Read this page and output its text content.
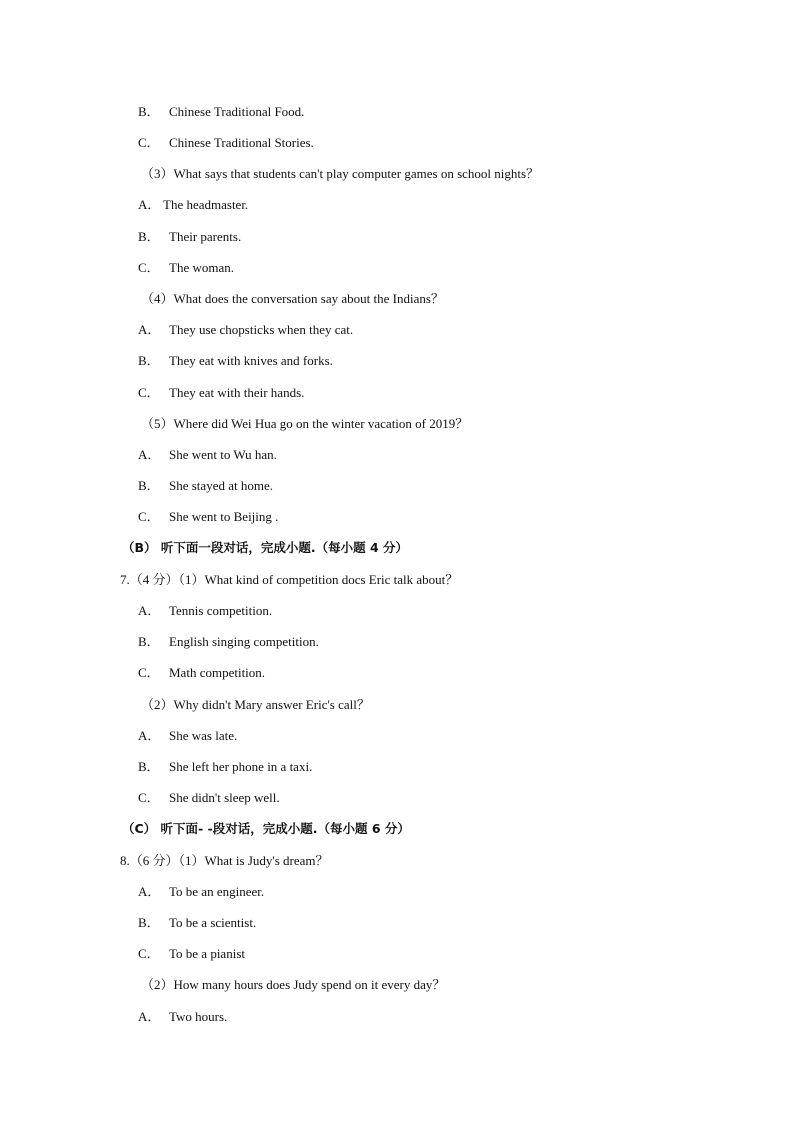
B． Chinese Traditional Food.
C． Chinese Traditional Stories.
（3）What says that students can't play computer games on school nights？
A． The headmaster.
B． Their parents.
C． The woman.
（4）What does the conversation say about the Indians？
A． They use chopsticks when they cat.
B． They eat with knives and forks.
C． They eat with their hands.
（5）Where did Wei Hua go on the winter vacation of 2019？
A． She went to Wu han.
B． She stayed at home.
C． She went to Beijing .
（B） 听下面一段对话，完成小题.（每小题 4 分）
7.（4 分）（1）What kind of competition docs Eric talk about？
A． Tennis competition.
B． English singing competition.
C． Math competition.
（2）Why didn't Mary answer Eric's call？
A． She was late.
B． She left her phone in a taxi.
C． She didn't sleep well.
（C） 听下面- -段对话，完成小题.（每小题 6 分）
8.（6 分）（1）What is Judy's dream？
A． To be an engineer.
B． To be a scientist.
C． To be a pianist
（2）How many hours does Judy spend on it every day？
A． Two hours.
